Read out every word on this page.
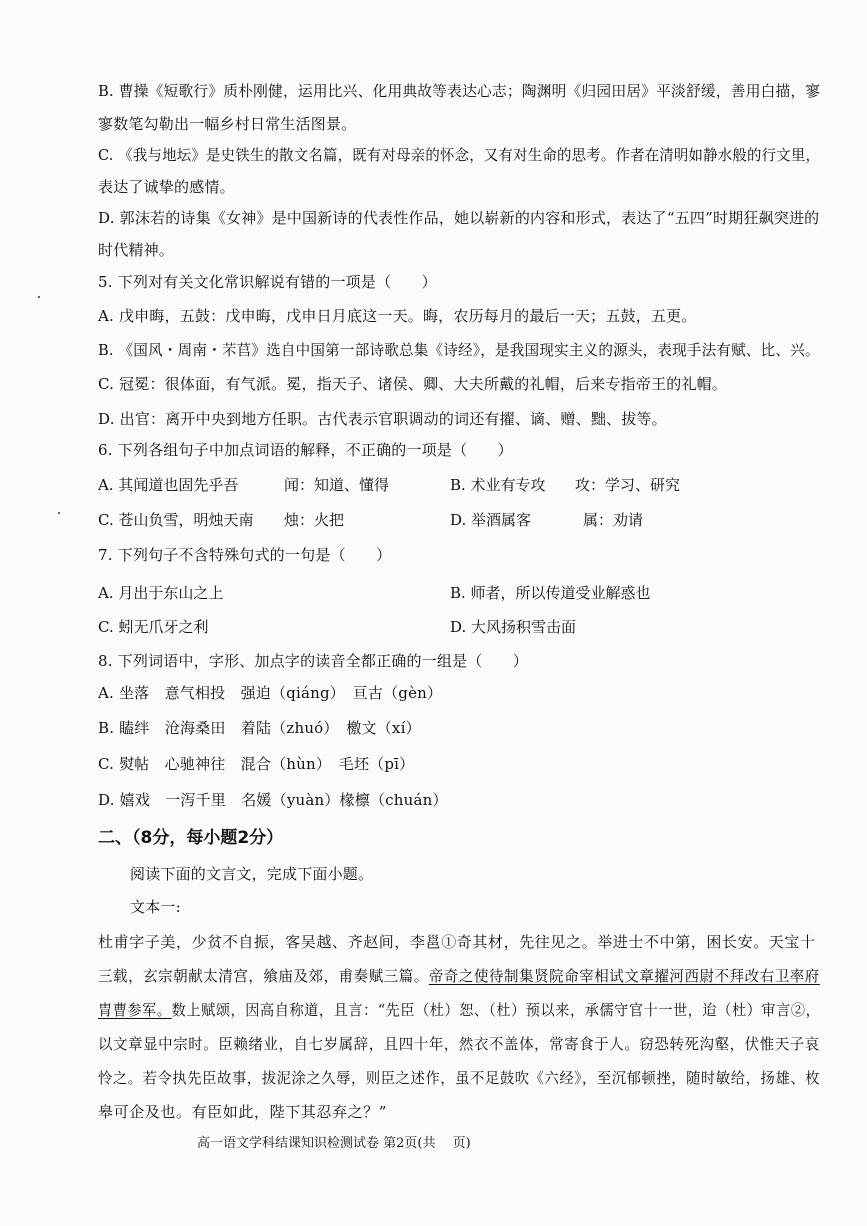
B. 曹操《短歌行》质朴刚健，运用比兴、化用典故等表达心志；陶渊明《归园田居》平淡舒缓，善用白描，寥
寥数笔勾勒出一幅乡村日常生活图景。
C. 《我与地坛》是史铁生的散文名篇，既有对母亲的怀念，又有对生命的思考。作者在清明如静水般的行文里，
表达了诚挚的感情。
D. 郭沫若的诗集《女神》是中国新诗的代表性作品，她以崭新的内容和形式，表达了“五四”时期狂飙突进的
时代精神。
5. 下列对有关文化常识解说有错的一项是（　　）
A. 戊申晦，五鼓：戊申晦，戊申日月底这一天。晦，农历每月的最后一天；五鼓，五更。
B. 《国风・周南・芣苢》选自中国第一部诗歌总集《诗经》，是我国现实主义的源头，表现手法有赋、比、兴。
C. 冠冕：很体面，有气派。冕，指天子、诸侯、卿、大夫所戴的礼帽，后来专指帝王的礼帽。
D. 出官：离开中央到地方任职。古代表示官职调动的词还有擢、谪、赠、黜、拔等。
6. 下列各组句子中加点词语的解释，不正确的一项是（　　）
A. 其闻道也固先乎吾	闻：知道、懂得	B. 术业有专攻 攻：学习、研究
C. 苍山负雪，明烛天南 烛：火把	D. 举酒属客	属：劝请
7. 下列句子不含特殊句式的一句是（　　）
A. 月出于东山之上	B. 师者，所以传道受业解惑也
C. 蚓无爪牙之利	D. 大风扬积雪击面
8. 下列词语中，字形、加点字的读音全都正确的一组是（　　）
A. 坐落　意气相投　强迫（qiáng）　亘古（gèn）
B. 瞌绊　沧海桑田　着陆（zhuó）　檄文（xí）
C. 熨帖　心驰神往　混合（hùn）　毛坯（pī）
D. 嬉戏　一泻千里　名媛（yuàn）椽檩（chuán）
二、（8分，每小题2分）
阅读下面的文言文，完成下面小题。
文本一:
杜甫字子美，少贫不自振，客吴越、齐赵间，李邕①奇其材，先往见之。举进士不中第，困长安。天宝十
三载，玄宗朝献太清宫，飨庙及郊，甫奏赋三篇。帝奇之使待制集贤院命宰相试文章擢河西尉不拜改右卫率府
胄曹参军。数上赋颂，因高自称道，且言：“先臣（杜）恕、（杜）预以来，承儒守官十一世，迨（杜）审言②，
以文章显中宗时。臣赖绪业，自七岁属辞，且四十年，然衣不盖体，常寄食于人。窃恐转死沟壑，伏惟天子哀
怜之。若令执先臣故事，拔泥涂之久辱，则臣之述作，虽不足鼓吹《六经》，至沉郁顿挫，随时敏给，扬雄、枚
皋可企及也。有臣如此，陛下其忍弃之？”
高一语文学科结课知识检测试卷 第2页(共　 页)
